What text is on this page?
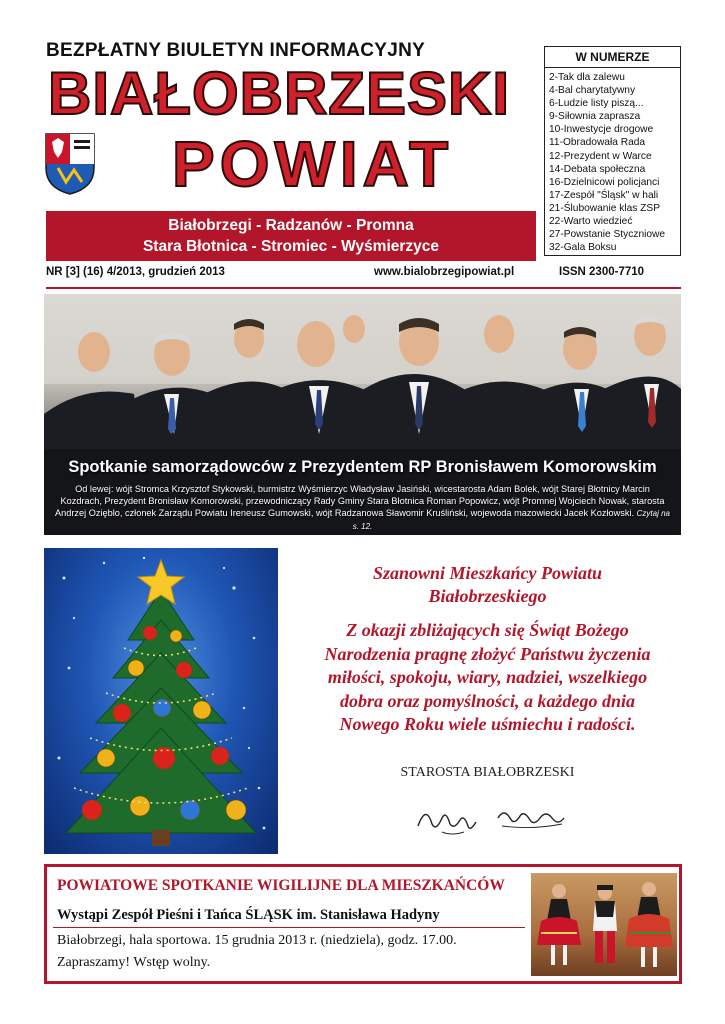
BEZPŁATNY BIULETYN INFORMACYJNY
BIAŁOBRZESKI
POWIAT
Białobrzegi - Radzanów - Promna
Stara Błotnica - Stromiec - Wyśmierzyce
W NUMERZE
2-Tak dla zalewu
4-Bal charytatywny
6-Ludzie listy piszą...
9-Siłownia zaprasza
10-Inwestycje drogowe
11-Obradowała Rada
12-Prezydent w Warce
14-Debata społeczna
16-Dzielnicowi policjanci
17-Zespół "Śląsk" w hali
21-Ślubowanie klas ZSP
22-Warto wiedzieć
27-Powstanie Styczniowe
32-Gala Boksu
NR [3] (16) 4/2013, grudzień 2013	www.bialobrzegipowiat.pl	ISSN 2300-7710
Spotkanie samorządowców z Prezydentem RP Bronisławem Komorowskim
Od lewej: wójt Stromca Krzysztof Stykowski, burmistrz Wyśmierzyc Władysław Jasiński, wicestarosta Adam Bolek, wójt Starej Błotnicy Marcin Kozdrach, Prezydent Bronisław Komorowski, przewodniczący Rady Gminy Stara Błotnica Roman Popowicz, wójt Promnej Wojciech Nowak, starosta Andrzej Ozięblo, członek Zarządu Powiatu Ireneusz Gumowski, wójt Radzanowa Sławomir Kruśliński, wojewoda mazowiecki Jacek Kozłowski. Czytaj na s. 12.
Szanowni Mieszkańcy Powiatu
Białobrzeskiego
Z okazji zbliżających się Świąt Bożego
Narodzenia pragnę złożyć Państwu życzenia
miłości, spokoju, wiary, nadziei, wszelkiego
dobra oraz pomyślności, a każdego dnia
Nowego Roku wiele uśmiechu i radości.
STAROSTA BIAŁOBRZESKI
POWIATOWE SPOTKANIE WIGILIJNE DLA MIESZKAŃCÓW
Wystąpi Zespół Pieśni i Tańca ŚLĄSK im. Stanisława Hadyny
Białobrzegi, hala sportowa. 15 grudnia 2013 r. (niedziela), godz. 17.00.
Zapraszamy! Wstęp wolny.
